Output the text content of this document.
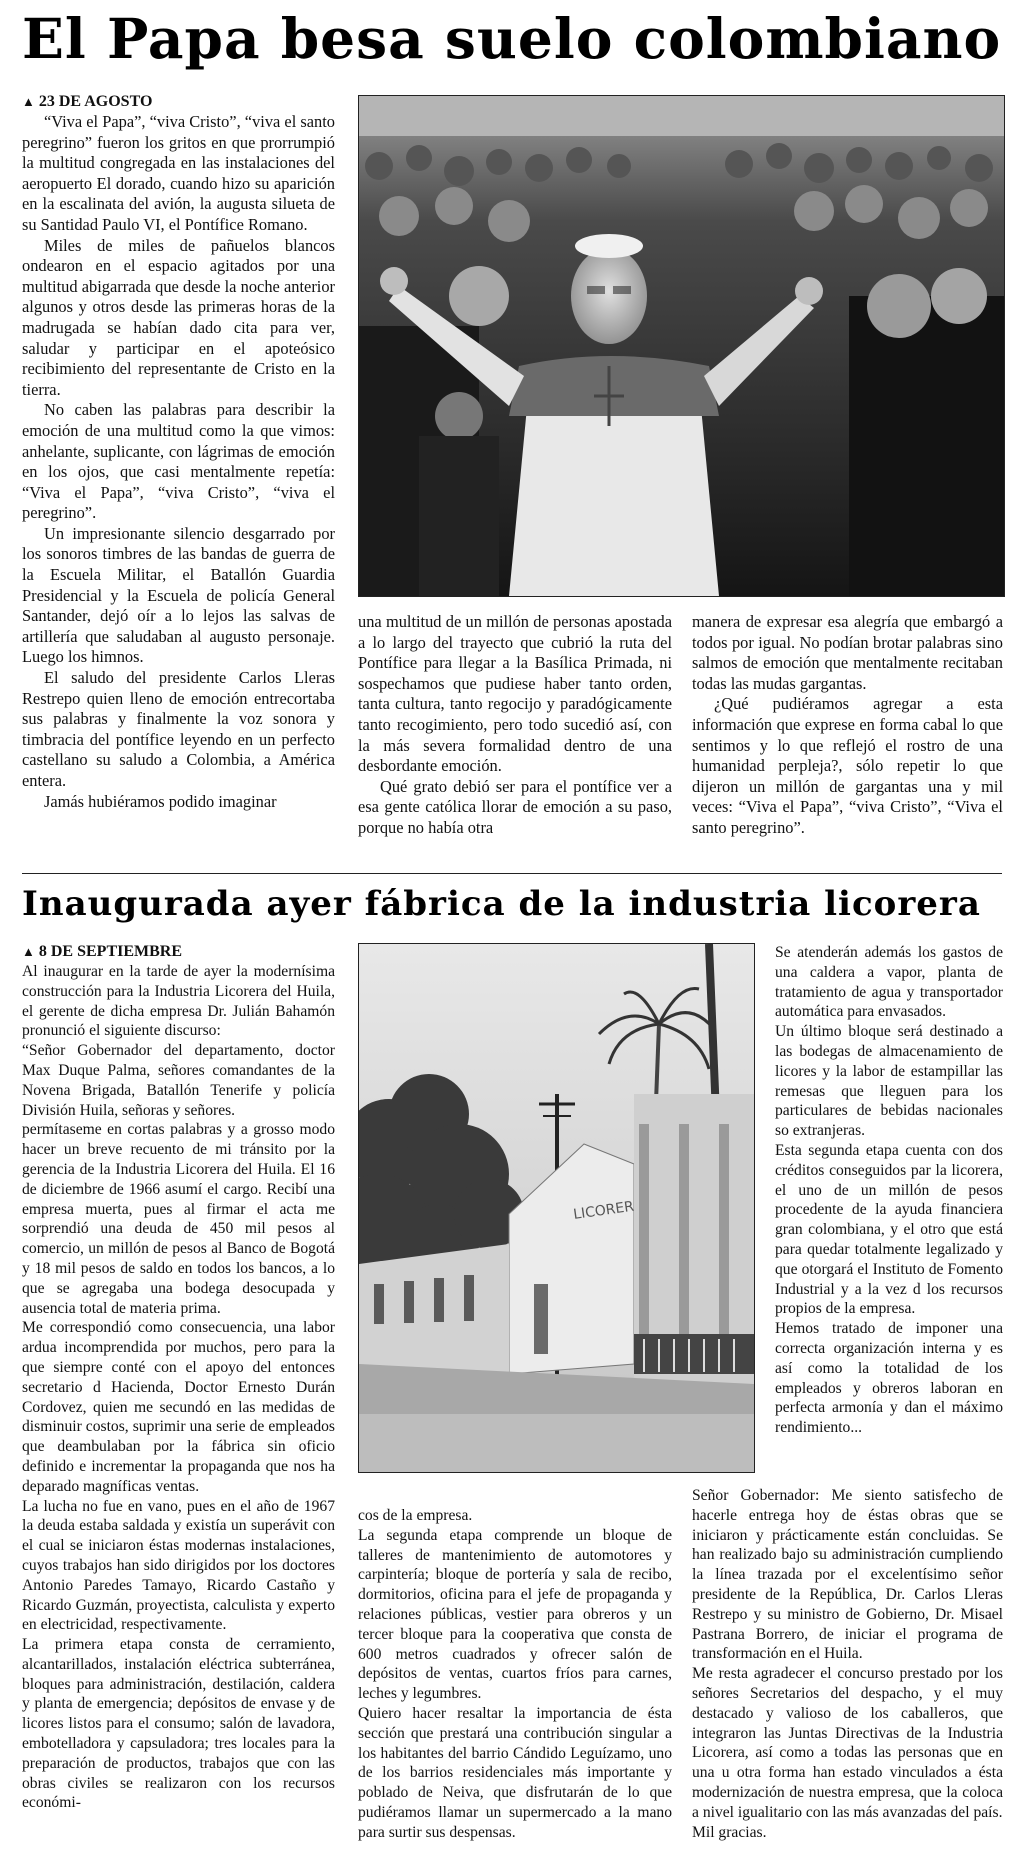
El Papa besa suelo colombiano
▲ 23 DE AGOSTO

“Viva el Papa”, “viva Cristo”, “viva el santo peregrino” fueron los gritos en que prorrumpió la multitud congregada en las instalaciones del aeropuerto El dorado, cuando hizo su aparición en la escalinata del avión, la augusta silueta de su Santidad Paulo VI, el Pontífice Romano.

Miles de miles de pañuelos blancos ondearon en el espacio agitados por una multitud abigarrada que desde la noche anterior algunos y otros desde las primeras horas de la madrugada se habían dado cita para ver, saludar y participar en el apoteósico recibimiento del representante de Cristo en la tierra.

No caben las palabras para describir la emoción de una multitud como la que vimos: anhelante, suplicante, con lágrimas de emoción en los ojos, que casi mentalmente repetía: “Viva el Papa”, “viva Cristo”, “viva el peregrino”.

Un impresionante silencio desgarrado por los sonoros timbres de las bandas de guerra de la Escuela Militar, el Batallón Guardia Presidencial y la Escuela de policía General Santander, dejó oír a lo lejos las salvas de artillería que saludaban al augusto personaje. Luego los himnos.

El saludo del presidente Carlos Lleras Restrepo quien lleno de emoción entrecortaba sus palabras y finalmente la voz sonora y timbracia del pontífice leyendo en un perfecto castellano su saludo a Colombia, a América entera.

Jamás hubiéramos podido imaginar

una multitud de un millón de personas apostada a lo largo del trayecto que cubrió la ruta del Pontífice para llegar a la Basílica Primada, ni sospechamos que pudiese haber tanto orden, tanta cultura, tanto regocijo y paradógicamente tanto recogimiento, pero todo sucedió así, con la más severa formalidad dentro de una desbordante emoción.

Qué grato debió ser para el pontífice ver a esa gente católica llorar de emoción a su paso, porque no había otra

manera de expresar esa alegría que embargó a todos por igual. No podían brotar palabras sino salmos de emoción que mentalmente recitaban todas las mudas gargantas.

¿Qué pudiéramos agregar a esta información que exprese en forma cabal lo que sentimos y lo que reflejó el rostro de una humanidad perpleja?, sólo repetir lo que dijeron un millón de gargantas una y mil veces: “Viva el Papa”, “viva Cristo”, “Viva el santo peregrino”.

Inaugurada ayer fábrica de la industria licorera
▲ 8 DE SEPTIEMBRE

Al inaugurar en la tarde de ayer la modernísima construcción para la Industria Licorera del Huila, el gerente de dicha empresa Dr. Julián Bahamón pronunció el siguiente discurso:

“Señor Gobernador del departamento, doctor Max Duque Palma, señores comandantes de la Novena Brigada, Batallón Tenerife y policía División Huila, señoras y señores.

permítaseme en cortas palabras y a grosso modo hacer un breve recuento de mi tránsito por la gerencia de la Industria Licorera del Huila. El 16 de diciembre de 1966 asumí el cargo. Recibí una empresa muerta, pues al firmar el acta me sorprendió una deuda de 450 mil pesos al comercio, un millón de pesos al Banco de Bogotá y 18 mil pesos de saldo en todos los bancos, a lo que se agregaba una bodega desocupada y ausencia total de materia prima.

Me correspondió como consecuencia, una labor ardua incomprendida por muchos, pero para la que siempre conté con el apoyo del entonces secretario d Hacienda, Doctor Ernesto Durán Cordovez, quien me secundó en las medidas de disminuir costos, suprimir una serie de empleados que deambulaban por la fábrica sin oficio definido e incrementar la propaganda que nos ha deparado magníficas ventas.

La lucha no fue en vano, pues en el año de 1967 la deuda estaba saldada y existía un superávit con el cual se iniciaron éstas modernas instalaciones, cuyos trabajos han sido dirigidos por los doctores Antonio Paredes Tamayo, Ricardo Castaño y Ricardo Guzmán, proyectista, calculista y experto en electricidad, respectivamente.

La primera etapa consta de cerramiento, alcantarillados, instalación eléctrica subterránea, bloques para administración, destilación, caldera y planta de emergencia; depósitos de envase y de licores listos para el consumo; salón de lavadora, embotelladora y capsuladora; tres locales para la preparación de productos, trabajos que con las obras civiles se realizaron con los recursos económi-

LICORERA

cos de la empresa.

La segunda etapa comprende un bloque de talleres de mantenimiento de automotores y carpintería; bloque de portería y sala de recibo, dormitorios, oficina para el jefe de propaganda y relaciones públicas, vestier para obreros y un tercer bloque para la cooperativa que consta de 600 metros cuadrados y ofrecer salón de depósitos de ventas, cuartos fríos para carnes, leches y legumbres.

Quiero hacer resaltar la importancia de ésta sección que prestará una contribución singular a los habitantes del barrio Cándido Leguízamo, uno de los barrios residenciales más importante y poblado de Neiva, que disfrutarán de lo que pudiéramos llamar un supermercado a la mano para surtir sus despensas.

Se atenderán además los gastos de una caldera a vapor, planta de tratamiento de agua y transportador automática para envasados.

Un último bloque será destinado a las bodegas de almacenamiento de licores y la labor de estampillar las remesas que lleguen para los particulares de bebidas nacionales so extranjeras.

Esta segunda etapa cuenta con dos créditos conseguidos par la licorera, el uno de un millón de pesos procedente de la ayuda financiera gran colombiana, y el otro que está para quedar totalmente legalizado y que otorgará el Instituto de Fomento Industrial y a la vez d los recursos propios de la empresa.

Hemos tratado de imponer una correcta organización interna y es así como la totalidad de los empleados y obreros laboran en perfecta armonía y dan el máximo rendimiento...

Señor Gobernador: Me siento satisfecho de hacerle entrega hoy de éstas obras que se iniciaron y prácticamente están concluidas. Se han realizado bajo su administración cumpliendo la línea trazada por el excelentísimo señor presidente de la República, Dr. Carlos Lleras Restrepo y su ministro de Gobierno, Dr. Misael Pastrana Borrero, de iniciar el programa de transformación en el Huila.

Me resta agradecer el concurso prestado por los señores Secretarios del despacho, y el muy destacado y valioso de los caballeros, que integraron las Juntas Directivas de la Industria Licorera, así como a todas las personas que en una u otra forma han estado vinculados a ésta modernización de nuestra empresa, que la coloca a nivel igualitario con las más avanzadas del país.

Mil gracias.
